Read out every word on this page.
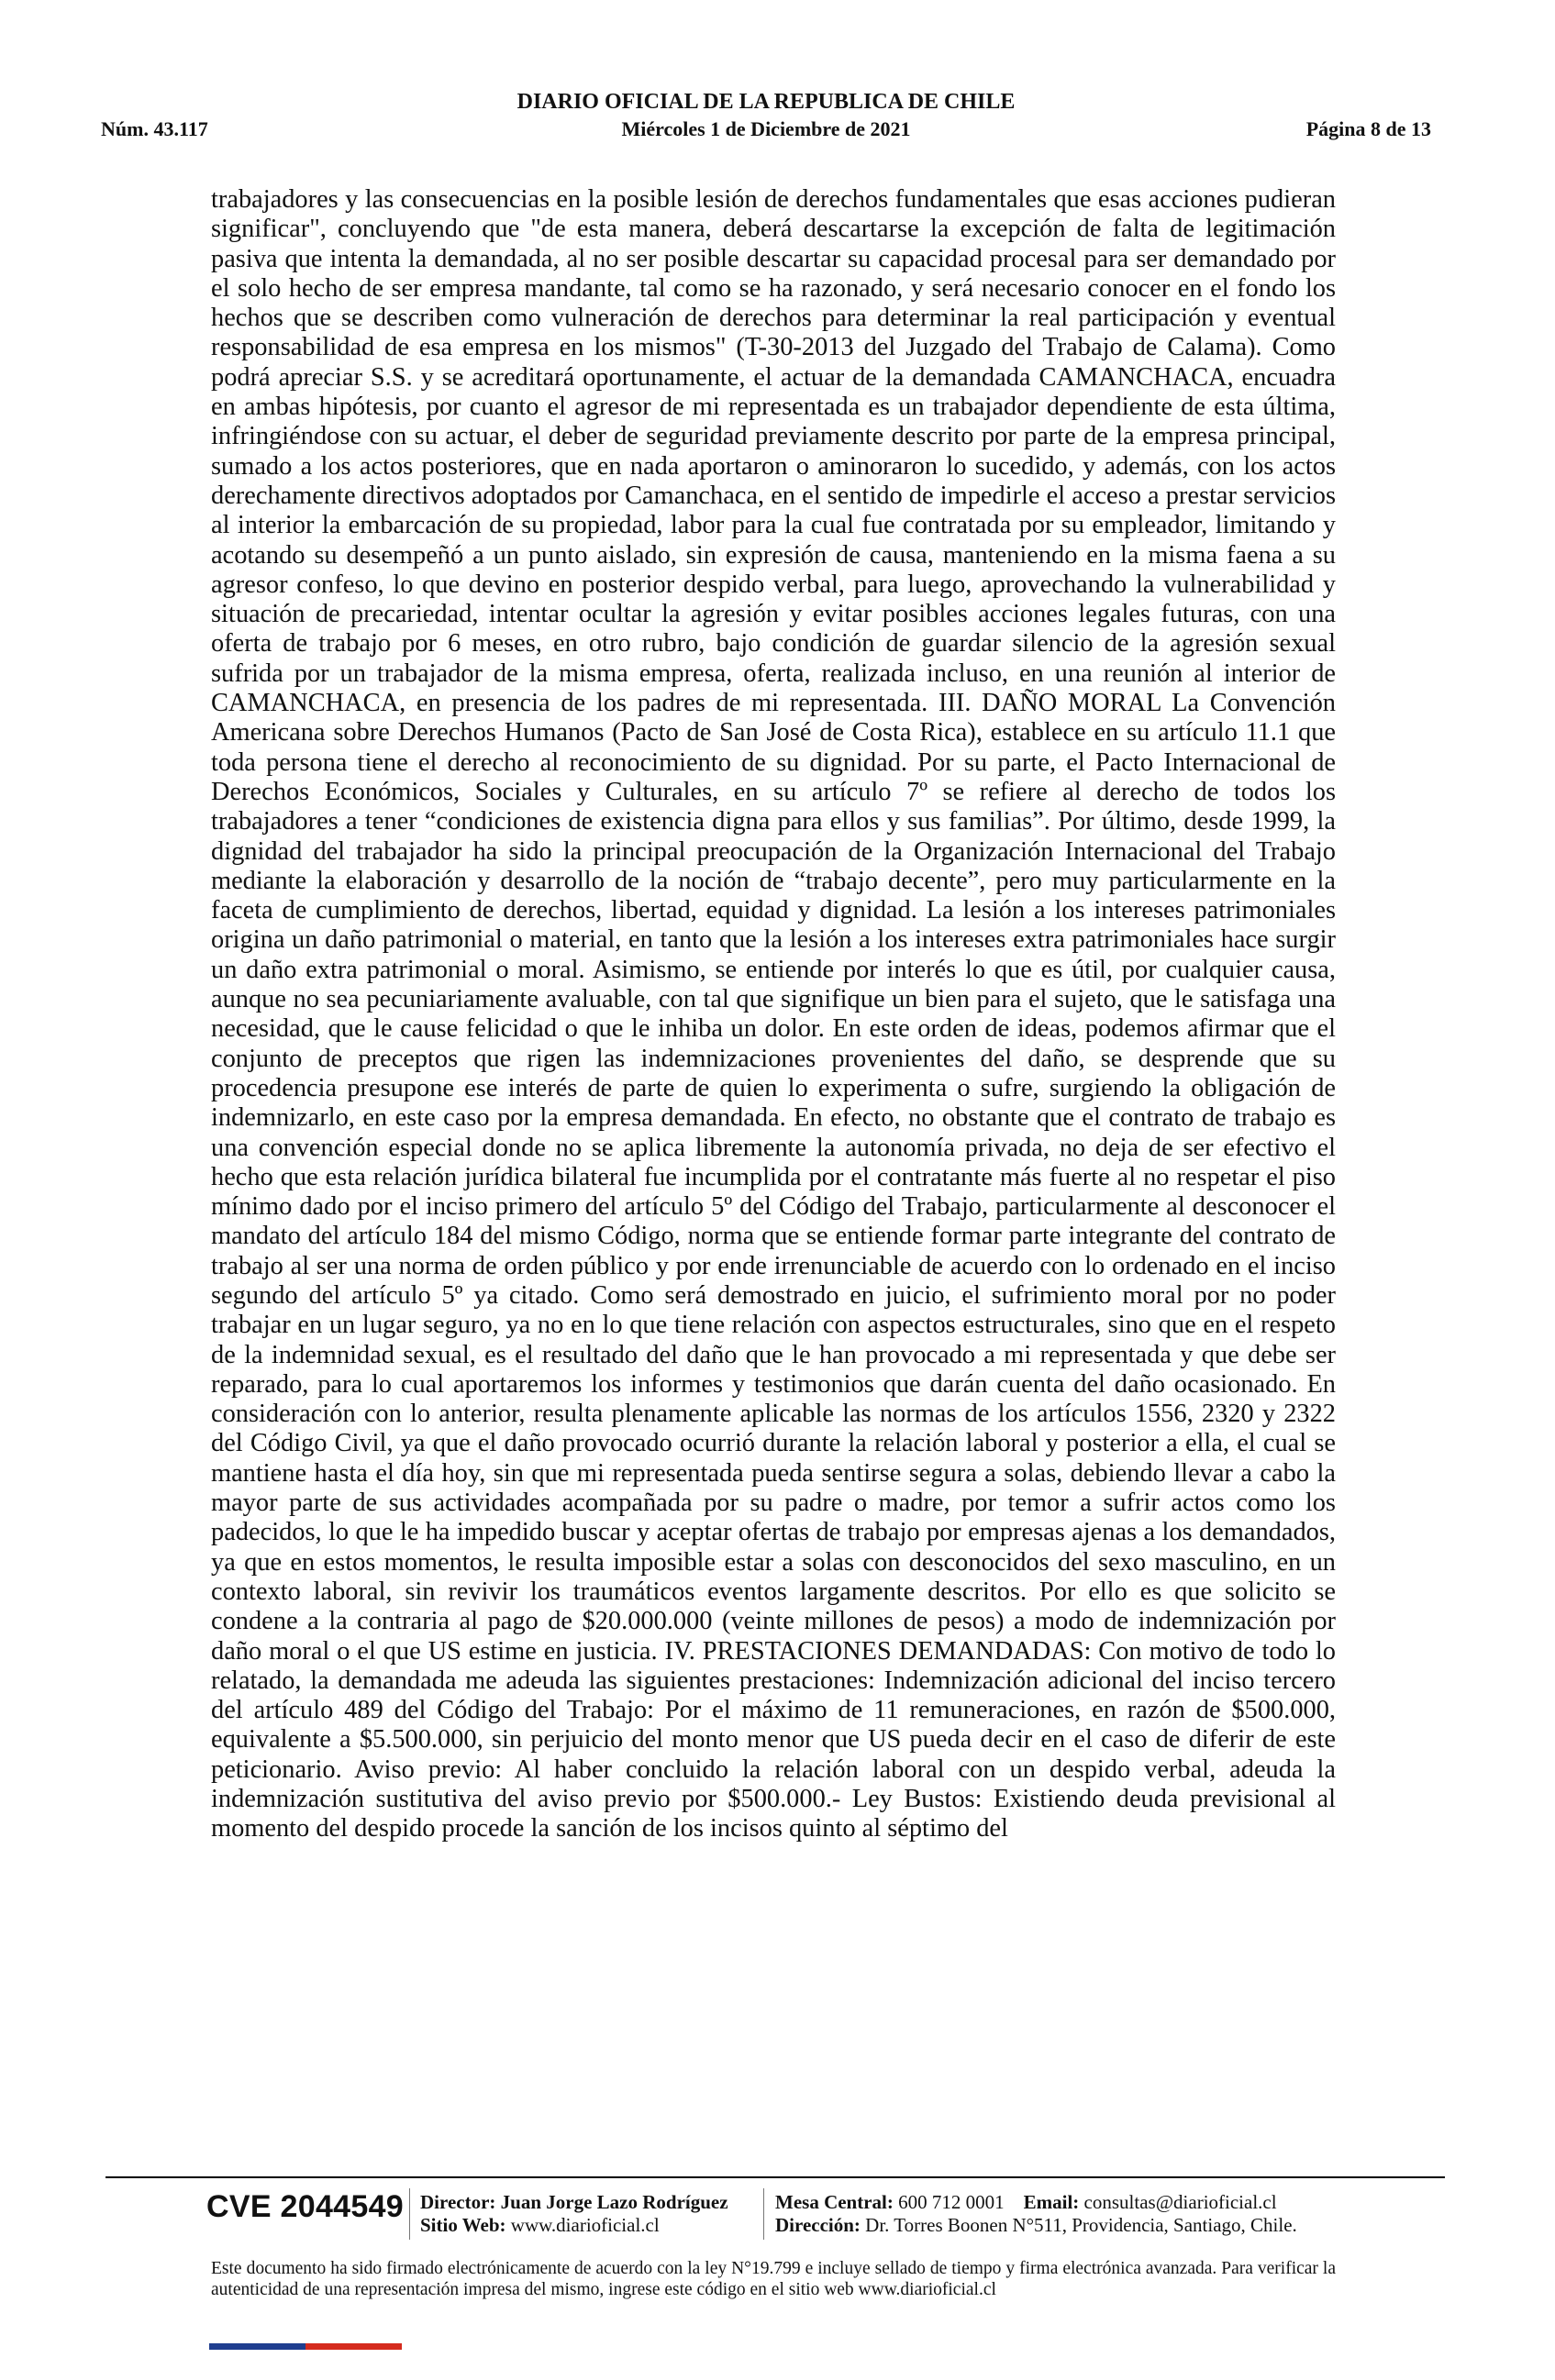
DIARIO OFICIAL DE LA REPUBLICA DE CHILE
Núm. 43.117	Miércoles 1 de Diciembre de 2021	Página 8 de 13

trabajadores y las consecuencias en la posible lesión de derechos fundamentales que esas acciones pudieran significar", concluyendo que "de esta manera, deberá descartarse la excepción de falta de legitimación pasiva que intenta la demandada, al no ser posible descartar su capacidad procesal para ser demandado por el solo hecho de ser empresa mandante, tal como se ha razonado, y será necesario conocer en el fondo los hechos que se describen como vulneración de derechos para determinar la real participación y eventual responsabilidad de esa empresa en los mismos" (T-30-2013 del Juzgado del Trabajo de Calama). Como podrá apreciar S.S. y se acreditará oportunamente, el actuar de la demandada CAMANCHACA, encuadra en ambas hipótesis, por cuanto el agresor de mi representada es un trabajador dependiente de esta última, infringiéndose con su actuar, el deber de seguridad previamente descrito por parte de la empresa principal, sumado a los actos posteriores, que en nada aportaron o aminoraron lo sucedido, y además, con los actos derechamente directivos adoptados por Camanchaca, en el sentido de impedirle el acceso a prestar servicios al interior la embarcación de su propiedad, labor para la cual fue contratada por su empleador, limitando y acotando su desempeñó a un punto aislado, sin expresión de causa, manteniendo en la misma faena a su agresor confeso, lo que devino en posterior despido verbal, para luego, aprovechando la vulnerabilidad y situación de precariedad, intentar ocultar la agresión y evitar posibles acciones legales futuras, con una oferta de trabajo por 6 meses, en otro rubro, bajo condición de guardar silencio de la agresión sexual sufrida por un trabajador de la misma empresa, oferta, realizada incluso, en una reunión al interior de CAMANCHACA, en presencia de los padres de mi representada. III. DAÑO MORAL La Convención Americana sobre Derechos Humanos (Pacto de San José de Costa Rica), establece en su artículo 11.1 que toda persona tiene el derecho al reconocimiento de su dignidad. Por su parte, el Pacto Internacional de Derechos Económicos, Sociales y Culturales, en su artículo 7º se refiere al derecho de todos los trabajadores a tener “condiciones de existencia digna para ellos y sus familias”. Por último, desde 1999, la dignidad del trabajador ha sido la principal preocupación de la Organización Internacional del Trabajo mediante la elaboración y desarrollo de la noción de “trabajo decente”, pero muy particularmente en la faceta de cumplimiento de derechos, libertad, equidad y dignidad. La lesión a los intereses patrimoniales origina un daño patrimonial o material, en tanto que la lesión a los intereses extra patrimoniales hace surgir un daño extra patrimonial o moral. Asimismo, se entiende por interés lo que es útil, por cualquier causa, aunque no sea pecuniariamente avaluable, con tal que signifique un bien para el sujeto, que le satisfaga una necesidad, que le cause felicidad o que le inhiba un dolor. En este orden de ideas, podemos afirmar que el conjunto de preceptos que rigen las indemnizaciones provenientes del daño, se desprende que su procedencia presupone ese interés de parte de quien lo experimenta o sufre, surgiendo la obligación de indemnizarlo, en este caso por la empresa demandada. En efecto, no obstante que el contrato de trabajo es una convención especial donde no se aplica libremente la autonomía privada, no deja de ser efectivo el hecho que esta relación jurídica bilateral fue incumplida por el contratante más fuerte al no respetar el piso mínimo dado por el inciso primero del artículo 5º del Código del Trabajo, particularmente al desconocer el mandato del artículo 184 del mismo Código, norma que se entiende formar parte integrante del contrato de trabajo al ser una norma de orden público y por ende irrenunciable de acuerdo con lo ordenado en el inciso segundo del artículo 5º ya citado. Como será demostrado en juicio, el sufrimiento moral por no poder trabajar en un lugar seguro, ya no en lo que tiene relación con aspectos estructurales, sino que en el respeto de la indemnidad sexual, es el resultado del daño que le han provocado a mi representada y que debe ser reparado, para lo cual aportaremos los informes y testimonios que darán cuenta del daño ocasionado. En consideración con lo anterior, resulta plenamente aplicable las normas de los artículos 1556, 2320 y 2322 del Código Civil, ya que el daño provocado ocurrió durante la relación laboral y posterior a ella, el cual se mantiene hasta el día hoy, sin que mi representada pueda sentirse segura a solas, debiendo llevar a cabo la mayor parte de sus actividades acompañada por su padre o madre, por temor a sufrir actos como los padecidos, lo que le ha impedido buscar y aceptar ofertas de trabajo por empresas ajenas a los demandados, ya que en estos momentos, le resulta imposible estar a solas con desconocidos del sexo masculino, en un contexto laboral, sin revivir los traumáticos eventos largamente descritos. Por ello es que solicito se condene a la contraria al pago de $20.000.000 (veinte millones de pesos) a modo de indemnización por daño moral o el que US estime en justicia. IV. PRESTACIONES DEMANDADAS: Con motivo de todo lo relatado, la demandada me adeuda las siguientes prestaciones: Indemnización adicional del inciso tercero del artículo 489 del Código del Trabajo: Por el máximo de 11 remuneraciones, en razón de $500.000, equivalente a $5.500.000, sin perjuicio del monto menor que US pueda decir en el caso de diferir de este peticionario. Aviso previo: Al haber concluido la relación laboral con un despido verbal, adeuda la indemnización sustitutiva del aviso previo por $500.000.- Ley Bustos: Existiendo deuda previsional al momento del despido procede la sanción de los incisos quinto al séptimo del

CVE 2044549 Director: Juan Jorge Lazo Rodríguez
Sitio Web: www.diarioficial.cl
Mesa Central: 600 712 0001 Email: consultas@diarioficial.cl
Dirección: Dr. Torres Boonen N°511, Providencia, Santiago, Chile.

Este documento ha sido firmado electrónicamente de acuerdo con la ley N°19.799 e incluye sellado de tiempo y firma electrónica avanzada. Para verificar la autenticidad de una representación impresa del mismo, ingrese este código en el sitio web www.diarioficial.cl
